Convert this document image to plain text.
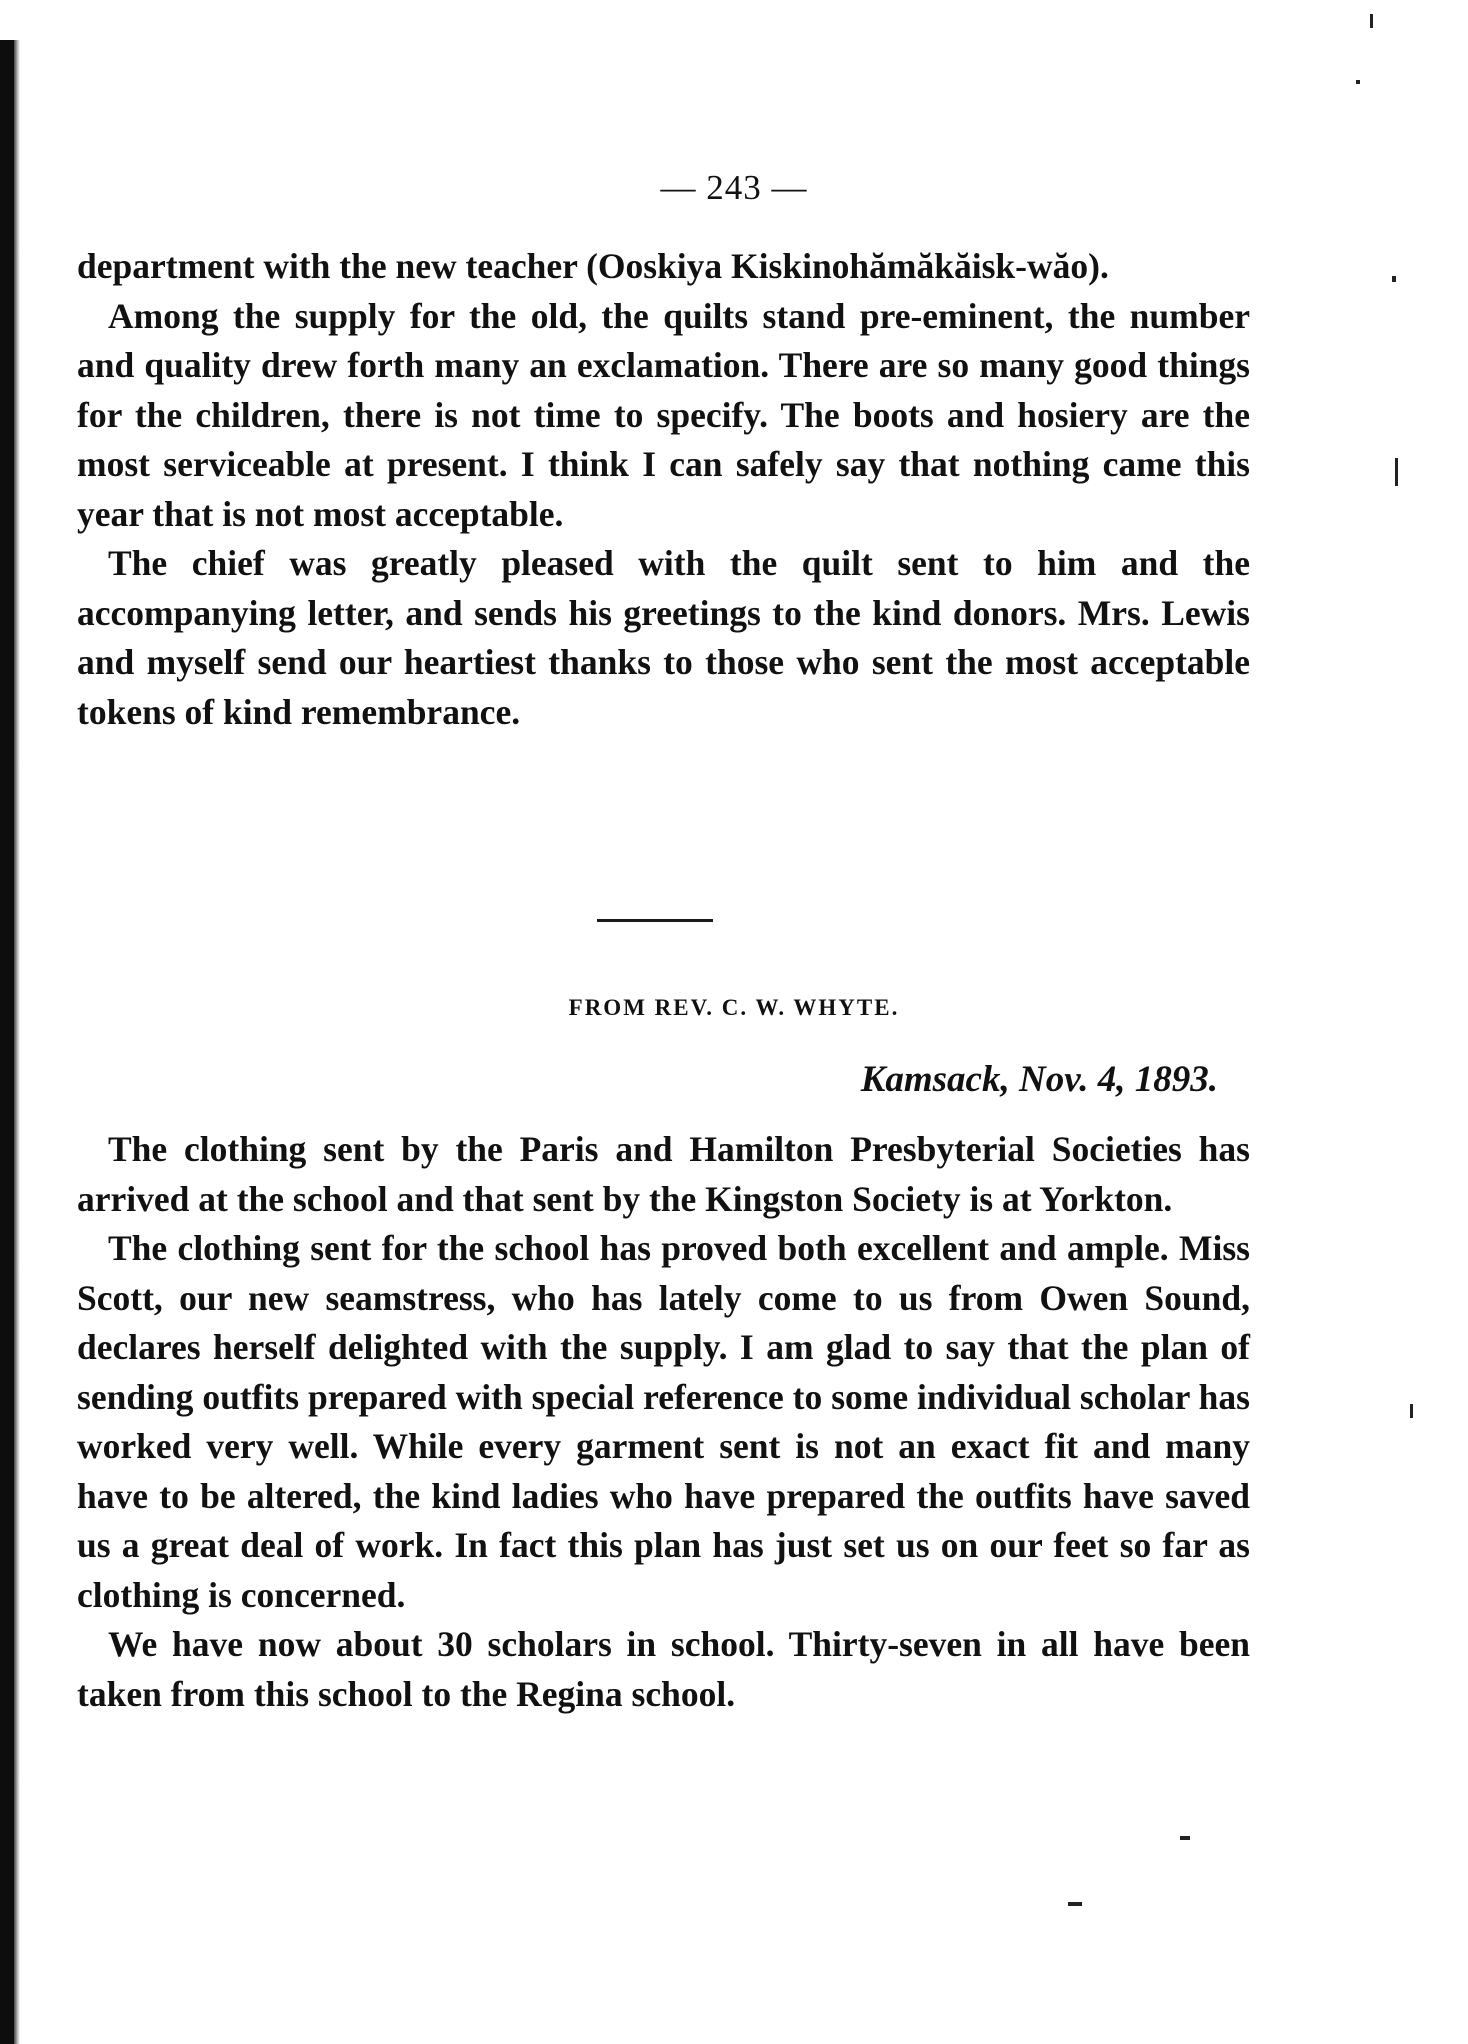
— 243 —

department with the new teacher (Ooskiya Kiskinohămăkăisk-wăo).

Among the supply for the old, the quilts stand pre-eminent, the number and quality drew forth many an exclamation. There are so many good things for the children, there is not time to specify. The boots and hosiery are the most serviceable at present. I think I can safely say that nothing came this year that is not most acceptable.

The chief was greatly pleased with the quilt sent to him and the accompanying letter, and sends his greetings to the kind donors. Mrs. Lewis and myself send our heartiest thanks to those who sent the most acceptable tokens of kind remembrance.

FROM REV. C. W. WHYTE.
Kamsack, Nov. 4, 1893.

The clothing sent by the Paris and Hamilton Presbyterial Societies has arrived at the school and that sent by the Kingston Society is at Yorkton.

The clothing sent for the school has proved both excellent and ample. Miss Scott, our new seamstress, who has lately come to us from Owen Sound, declares herself delighted with the supply. I am glad to say that the plan of sending outfits prepared with special reference to some individual scholar has worked very well. While every garment sent is not an exact fit and many have to be altered, the kind ladies who have prepared the outfits have saved us a great deal of work. In fact this plan has just set us on our feet so far as clothing is concerned.

We have now about 30 scholars in school. Thirty-seven in all have been taken from this school to the Regina school.
